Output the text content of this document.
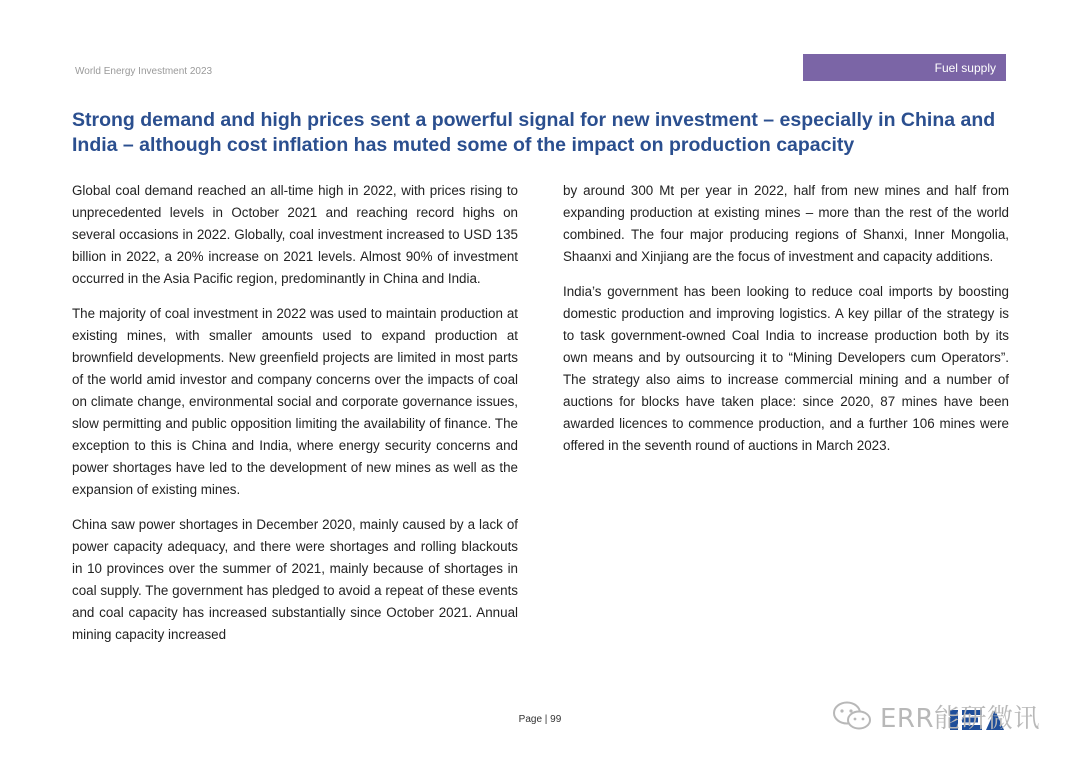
World Energy Investment 2023	Fuel supply
Strong demand and high prices sent a powerful signal for new investment – especially in China and India – although cost inflation has muted some of the impact on production capacity

Global coal demand reached an all-time high in 2022, with prices rising to unprecedented levels in October 2021 and reaching record highs on several occasions in 2022. Globally, coal investment increased to USD 135 billion in 2022, a 20% increase on 2021 levels. Almost 90% of investment occurred in the Asia Pacific region, predominantly in China and India.

The majority of coal investment in 2022 was used to maintain production at existing mines, with smaller amounts used to expand production at brownfield developments. New greenfield projects are limited in most parts of the world amid investor and company concerns over the impacts of coal on climate change, environmental social and corporate governance issues, slow permitting and public opposition limiting the availability of finance. The exception to this is China and India, where energy security concerns and power shortages have led to the development of new mines as well as the expansion of existing mines.

China saw power shortages in December 2020, mainly caused by a lack of power capacity adequacy, and there were shortages and rolling blackouts in 10 provinces over the summer of 2021, mainly because of shortages in coal supply. The government has pledged to avoid a repeat of these events and coal capacity has increased substantially since October 2021. Annual mining capacity increased

by around 300 Mt per year in 2022, half from new mines and half from expanding production at existing mines – more than the rest of the world combined. The four major producing regions of Shanxi, Inner Mongolia, Shaanxi and Xinjiang are the focus of investment and capacity additions.

India’s government has been looking to reduce coal imports by boosting domestic production and improving logistics. A key pillar of the strategy is to task government-owned Coal India to increase production both by its own means and by outsourcing it to “Mining Developers cum Operators”. The strategy also aims to increase commercial mining and a number of auctions for blocks have taken place: since 2020, 87 mines have been awarded licences to commence production, and a further 106 mines were offered in the seventh round of auctions in March 2023.

Page | 99	ERR能研微讯
